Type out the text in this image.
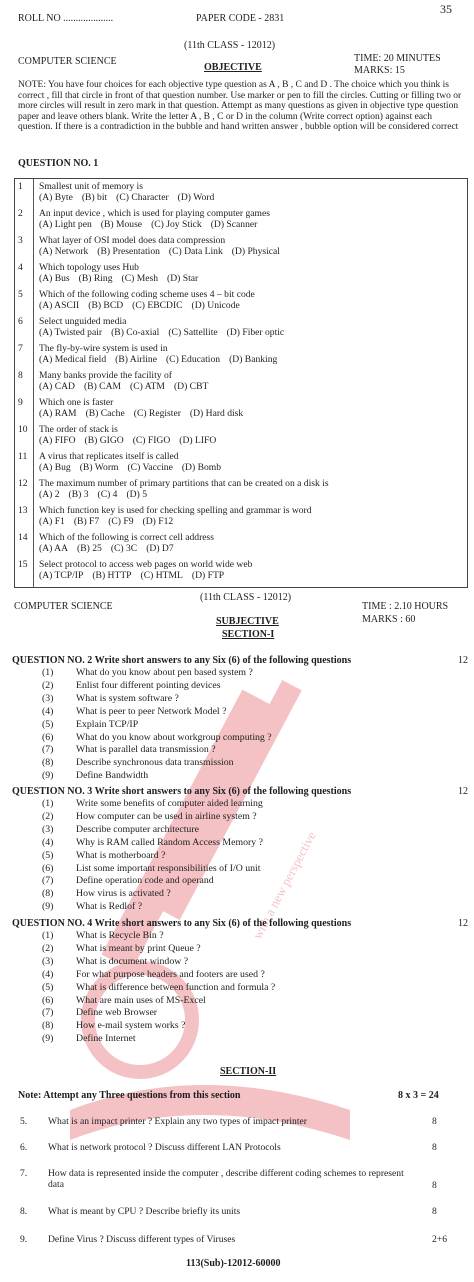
with a new perspective
35
ROLL NO ....................	PAPER CODE - 2831
(11th CLASS - 12012)
COMPUTER SCIENCE
OBJECTIVE
TIME: 20 MINUTES
MARKS: 15
NOTE: You have four choices for each objective type question as A , B , C and D . The choice which you think is correct , fill that circle in front of that question number. Use marker or pen to fill the circles. Cutting or filling two or more circles will result in zero mark in that question. Attempt as many questions as given in objective type question paper and leave others blank. Write the letter A , B , C or D in the column (Write correct option) against each question. If there is a contradiction in the bubble and hand written answer , bubble option will be considered correct
QUESTION NO. 1
1 Smallest unit of memory is
(A) Byte (B) bit (C) Character (D) Word
2 An input device , which is used for playing computer games
(A) Light pen (B) Mouse (C) Joy Stick (D) Scanner
3 What layer of OSI model does data compression
(A) Network (B) Presentation (C) Data Link (D) Physical
4 Which topology uses Hub
(A) Bus (B) Ring (C) Mesh (D) Star
5 Which of the following coding scheme uses 4 – bit code
(A) ASCII (B) BCD (C) EBCDIC (D) Unicode
6 Select unguided media
(A) Twisted pair (B) Co-axial (C) Sattellite (D) Fiber optic
7 The fly-by-wire system is used in
(A) Medical field (B) Airline (C) Education (D) Banking
8 Many banks provide the facility of
(A) CAD (B) CAM (C) ATM (D) CBT
9 Which one is faster
(A) RAM (B) Cache (C) Register (D) Hard disk
10 The order of stack is
(A) FIFO (B) GIGO (C) FIGO (D) LIFO
11 A virus that replicates itself is called
(A) Bug (B) Worm (C) Vaccine (D) Bomb
12 The maximum number of primary partitions that can be created on a disk is
(A) 2 (B) 3 (C) 4 (D) 5
13 Which function key is used for checking spelling and grammar is word
(A) F1 (B) F7 (C) F9 (D) F12
14 Which of the following is correct cell address
(A) AA (B) 25 (C) 3C (D) D7
15 Select protocol to access web pages on world wide web
(A) TCP/IP (B) HTTP (C) HTML (D) FTP
COMPUTER SCIENCE
(11th CLASS - 12012)
SUBJECTIVE
SECTION-I
TIME : 2.10 HOURS
MARKS : 60
QUESTION NO. 2 Write short answers to any Six (6) of the following questions	12
(1) What do you know about pen based system ?
(2) Enlist four different pointing devices
(3) What is system software ?
(4) What is peer to peer Network Model ?
(5) Explain TCP/IP
(6) What do you know about workgroup computing ?
(7) What is parallel data transmission ?
(8) Describe synchronous data transmission
(9) Define Bandwidth
QUESTION NO. 3 Write short answers to any Six (6) of the following questions	12
(1) Write some benefits of computer aided learning
(2) How computer can be used in airline system ?
(3) Describe computer architecture
(4) Why is RAM called Random Access Memory ?
(5) What is motherboard ?
(6) List some important responsibilities of I/O unit
(7) Define operation code and operand
(8) How virus is activated ?
(9) What is Redlof ?
QUESTION NO. 4 Write short answers to any Six (6) of the following questions	12
(1) What is Recycle Bin ?
(2) What is meant by print Queue ?
(3) What is document window ?
(4) For what purpose headers and footers are used ?
(5) What is difference between function and formula ?
(6) What are main uses of MS-Excel
(7) Define web Browser
(8) How e-mail system works ?
(9) Define Internet
SECTION-II
Note: Attempt any Three questions from this section	8 x 3 = 24
5. What is an impact printer ? Explain any two types of impact printer	8
6. What is network protocol ? Discuss different LAN Protocols	8
7. How data is represented inside the computer , describe different coding schemes to represent data	8
8. What is meant by CPU ? Describe briefly its units	8
9. Define Virus ? Discuss different types of Viruses	2+6
113(Sub)-12012-60000
